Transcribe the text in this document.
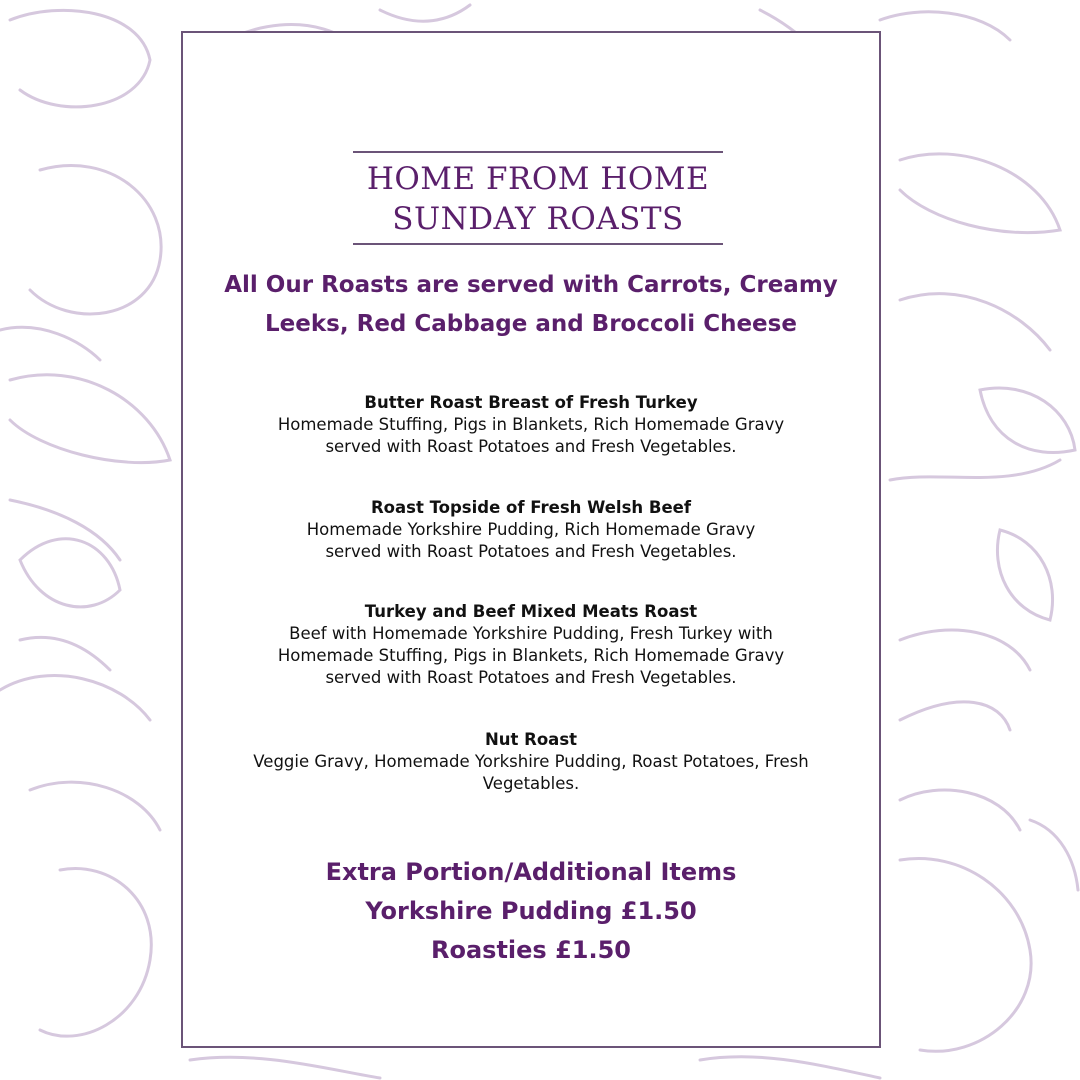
HOME FROM HOME
SUNDAY ROASTS
All Our Roasts are served with Carrots, Creamy Leeks, Red Cabbage and Broccoli Cheese
Butter Roast Breast of Fresh Turkey
Homemade Stuffing, Pigs in Blankets, Rich Homemade Gravy
served with Roast Potatoes and Fresh Vegetables.
Roast Topside of Fresh Welsh Beef
Homemade Yorkshire Pudding, Rich Homemade Gravy
served with Roast Potatoes and Fresh Vegetables.
Turkey and Beef Mixed Meats Roast
Beef with Homemade Yorkshire Pudding, Fresh Turkey with
Homemade Stuffing, Pigs in Blankets, Rich Homemade Gravy
served with Roast Potatoes and Fresh Vegetables.
Nut Roast
Veggie Gravy, Homemade Yorkshire Pudding, Roast Potatoes, Fresh Vegetables.
Extra Portion/Additional Items
Yorkshire Pudding £1.50
Roasties £1.50
